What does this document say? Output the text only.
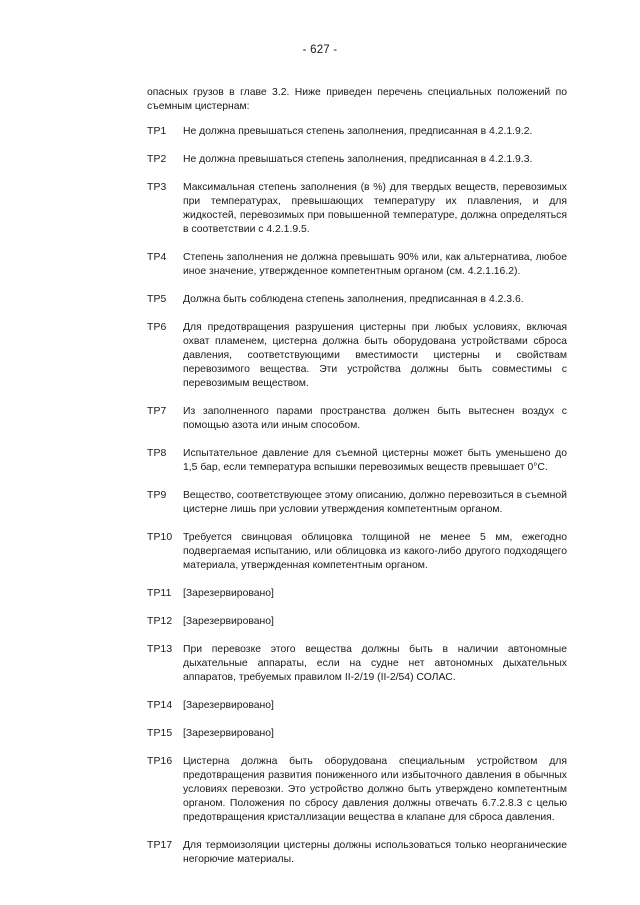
- 627 -
опасных грузов в главе 3.2. Ниже приведен перечень специальных положений по съемным цистернам:
TP1	Не должна превышаться степень заполнения, предписанная в 4.2.1.9.2.
TP2	Не должна превышаться степень заполнения, предписанная в 4.2.1.9.3.
TP3	Максимальная степень заполнения (в %) для твердых веществ, перевозимых при температурах, превышающих температуру их плавления, и для жидкостей, перевозимых при повышенной температуре, должна определяться в соответствии с 4.2.1.9.5.
TP4	Степень заполнения не должна превышать 90% или, как альтернатива, любое иное значение, утвержденное компетентным органом (см. 4.2.1.16.2).
TP5	Должна быть соблюдена степень заполнения, предписанная в 4.2.3.6.
TP6	Для предотвращения разрушения цистерны при любых условиях, включая охват пламенем, цистерна должна быть оборудована устройствами сброса давления, соответствующими вместимости цистерны и свойствам перевозимого вещества. Эти устройства должны быть совместимы с перевозимым веществом.
TP7	Из заполненного парами пространства должен быть вытеснен воздух с помощью азота или иным способом.
TP8	Испытательное давление для съемной цистерны может быть уменьшено до 1,5 бар, если температура вспышки перевозимых веществ превышает 0°C.
TP9	Вещество, соответствующее этому описанию, должно перевозиться в съемной цистерне лишь при условии утверждения компетентным органом.
TP10	Требуется свинцовая облицовка толщиной не менее 5 мм, ежегодно подвергаемая испытанию, или облицовка из какого-либо другого подходящего материала, утвержденная компетентным органом.
TP11	[Зарезервировано]
TP12	[Зарезервировано]
TP13	При перевозке этого вещества должны быть в наличии автономные дыхательные аппараты, если на судне нет автономных дыхательных аппаратов, требуемых правилом II-2/19 (II-2/54) СОЛАС.
TP14	[Зарезервировано]
TP15	[Зарезервировано]
TP16	Цистерна должна быть оборудована специальным устройством для предотвращения развития пониженного или избыточного давления в обычных условиях перевозки. Это устройство должно быть утверждено компетентным органом. Положения по сбросу давления должны отвечать 6.7.2.8.3 с целью предотвращения кристаллизации вещества в клапане для сброса давления.
TP17	Для термоизоляции цистерны должны использоваться только неорганические негорючие материалы.
